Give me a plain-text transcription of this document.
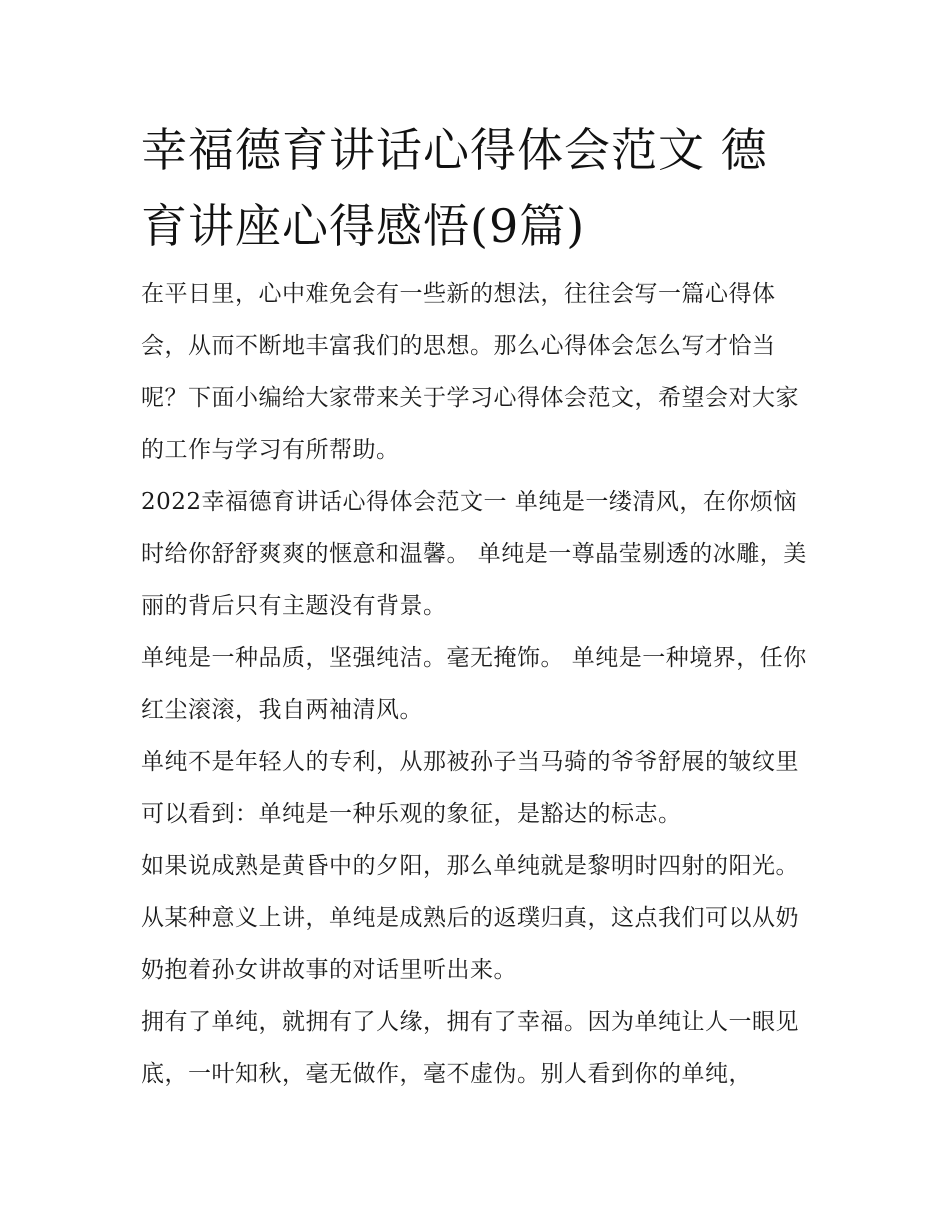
幸福德育讲话心得体会范文 德育讲座心得感悟(9篇)

在平日里，心中难免会有一些新的想法，往往会写一篇心得体会，从而不断地丰富我们的思想。那么心得体会怎么写才恰当呢？下面小编给大家带来关于学习心得体会范文，希望会对大家的工作与学习有所帮助。

2022幸福德育讲话心得体会范文一 单纯是一缕清风，在你烦恼时给你舒舒爽爽的惬意和温馨。 单纯是一尊晶莹剔透的冰雕，美丽的背后只有主题没有背景。

单纯是一种品质，坚强纯洁。毫无掩饰。 单纯是一种境界，任你红尘滚滚，我自两袖清风。

单纯不是年轻人的专利，从那被孙子当马骑的爷爷舒展的皱纹里可以看到：单纯是一种乐观的象征，是豁达的标志。

如果说成熟是黄昏中的夕阳，那么单纯就是黎明时四射的阳光。从某种意义上讲，单纯是成熟后的返璞归真，这点我们可以从奶奶抱着孙女讲故事的对话里听出来。

拥有了单纯，就拥有了人缘，拥有了幸福。因为单纯让人一眼见底，一叶知秋，毫无做作，毫不虚伪。别人看到你的单纯，
